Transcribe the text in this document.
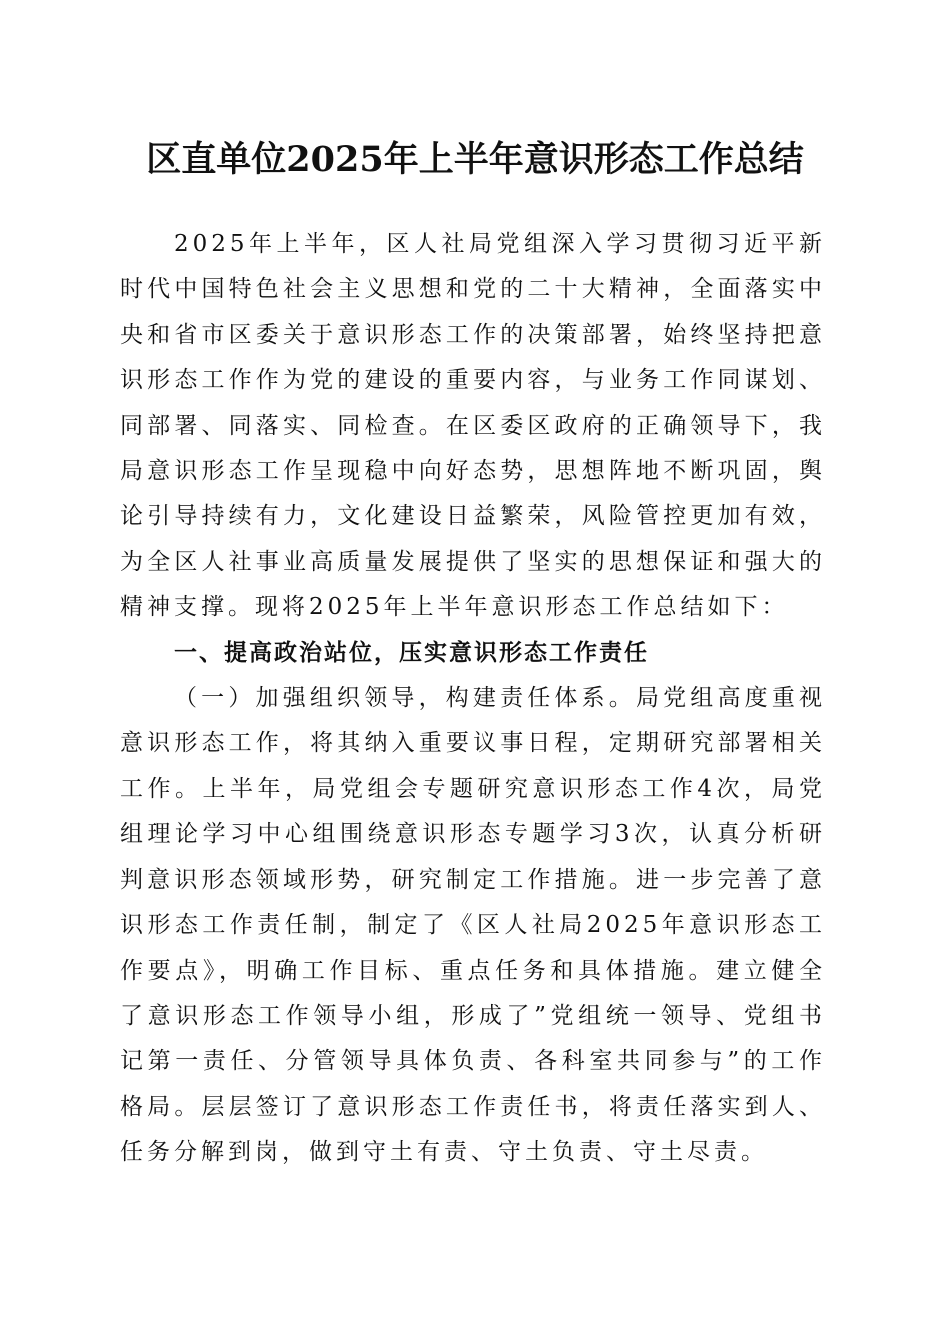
区直单位2025年上半年意识形态工作总结

2025年上半年，区人社局党组深入学习贯彻习近平新时代中国特色社会主义思想和党的二十大精神，全面落实中央和省市区委关于意识形态工作的决策部署，始终坚持把意识形态工作作为党的建设的重要内容，与业务工作同谋划、同部署、同落实、同检查。在区委区政府的正确领导下，我局意识形态工作呈现稳中向好态势，思想阵地不断巩固，舆论引导持续有力，文化建设日益繁荣，风险管控更加有效，为全区人社事业高质量发展提供了坚实的思想保证和强大的精神支撑。现将2025年上半年意识形态工作总结如下：

一、提高政治站位，压实意识形态工作责任

（一）加强组织领导，构建责任体系。局党组高度重视意识形态工作，将其纳入重要议事日程，定期研究部署相关工作。上半年，局党组会专题研究意识形态工作4次，局党组理论学习中心组围绕意识形态专题学习3次，认真分析研判意识形态领域形势，研究制定工作措施。进一步完善了意识形态工作责任制，制定了《区人社局2025年意识形态工作要点》，明确工作目标、重点任务和具体措施。建立健全了意识形态工作领导小组，形成了”党组统一领导、党组书记第一责任、分管领导具体负责、各科室共同参与”的工作格局。层层签订了意识形态工作责任书，将责任落实到人、任务分解到岗，做到守土有责、守土负责、守土尽责。
